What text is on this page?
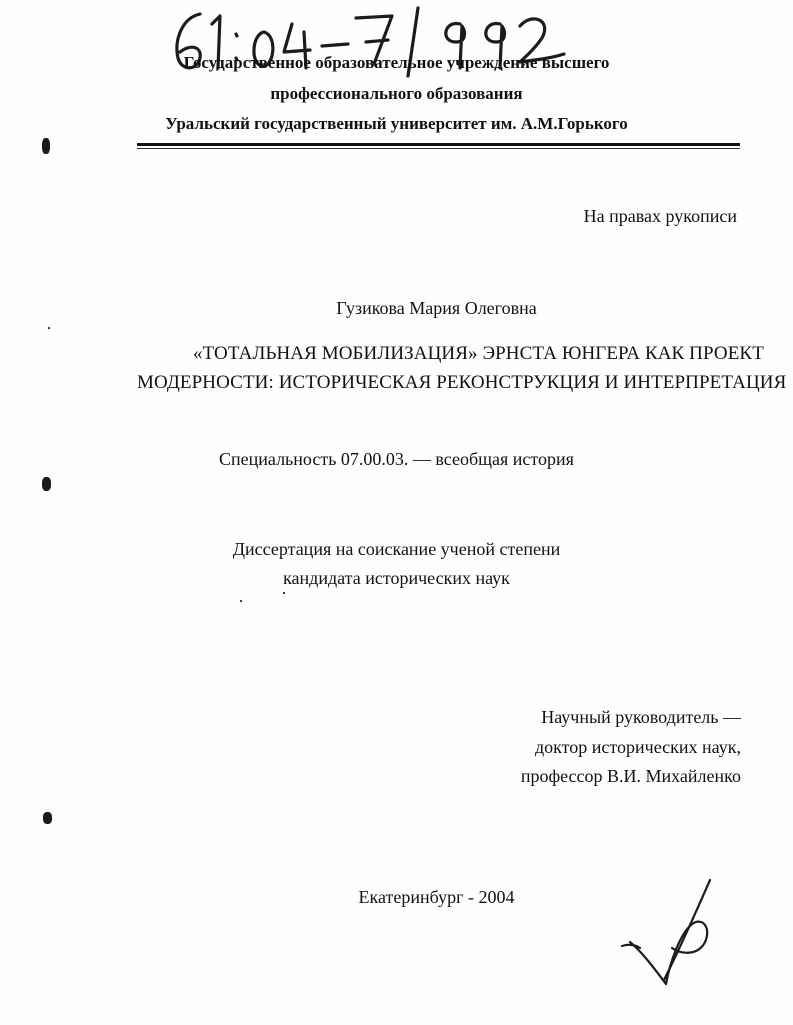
61:04-7/992
Государственное образовательное учреждение высшего
профессионального образования
Уральский государственный университет им. А.М.Горького
На правах рукописи
Гузикова Мария Олеговна
«ТОТАЛЬНАЯ МОБИЛИЗАЦИЯ» ЭРНСТА ЮНГЕРА КАК ПРОЕКТ
МОДЕРНОСТИ: ИСТОРИЧЕСКАЯ РЕКОНСТРУКЦИЯ И ИНТЕРПРЕТАЦИЯ
Специальность 07.00.03. — всеобщая история
Диссертация на соискание ученой степени
кандидата исторических наук
Научный руководитель —
доктор исторических наук,
профессор В.И. Михайленко
Екатеринбург - 2004
